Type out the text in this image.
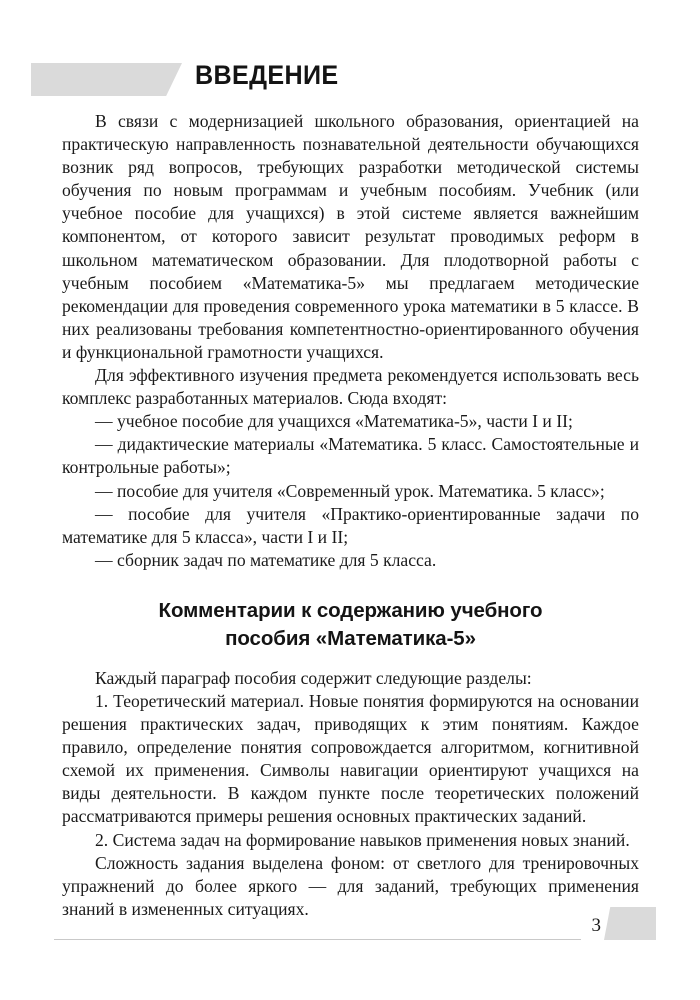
ВВЕДЕНИЕ

В связи с модернизацией школьного образования, ориентацией на практическую направленность познавательной деятельности обучающихся возник ряд вопросов, требующих разработки методической системы обучения по новым программам и учебным пособиям. Учебник (или учебное пособие для учащихся) в этой системе является важнейшим компонентом, от которого зависит результат проводимых реформ в школьном математическом образовании. Для плодотворной работы с учебным пособием «Математика-5» мы предлагаем методические рекомендации для проведения современного урока математики в 5 классе. В них реализованы требования компетентностно-ориентированного обучения и функциональной грамотности учащихся.

Для эффективного изучения предмета рекомендуется использовать весь комплекс разработанных материалов. Сюда входят:

— учебное пособие для учащихся «Математика-5», части I и II;

— дидактические материалы «Математика. 5 класс. Самостоятельные и контрольные работы»;

— пособие для учителя «Современный урок. Математика. 5 класс»;

— пособие для учителя «Практико-ориентированные задачи по математике для 5 класса», части I и II;

— сборник задач по математике для 5 класса.

Комментарии к содержанию учебного
пособия «Математика-5»

Каждый параграф пособия содержит следующие разделы:

1. Теоретический материал. Новые понятия формируются на основании решения практических задач, приводящих к этим понятиям. Каждое правило, определение понятия сопровождается алгоритмом, когнитивной схемой их применения. Символы навигации ориентируют учащихся на виды деятельности. В каждом пункте после теоретических положений рассматриваются примеры решения основных практических заданий.

2. Система задач на формирование навыков применения новых знаний.

Сложность задания выделена фоном: от светлого для тренировочных упражнений до более яркого — для заданий, требующих применения знаний в измененных ситуациях.

3
